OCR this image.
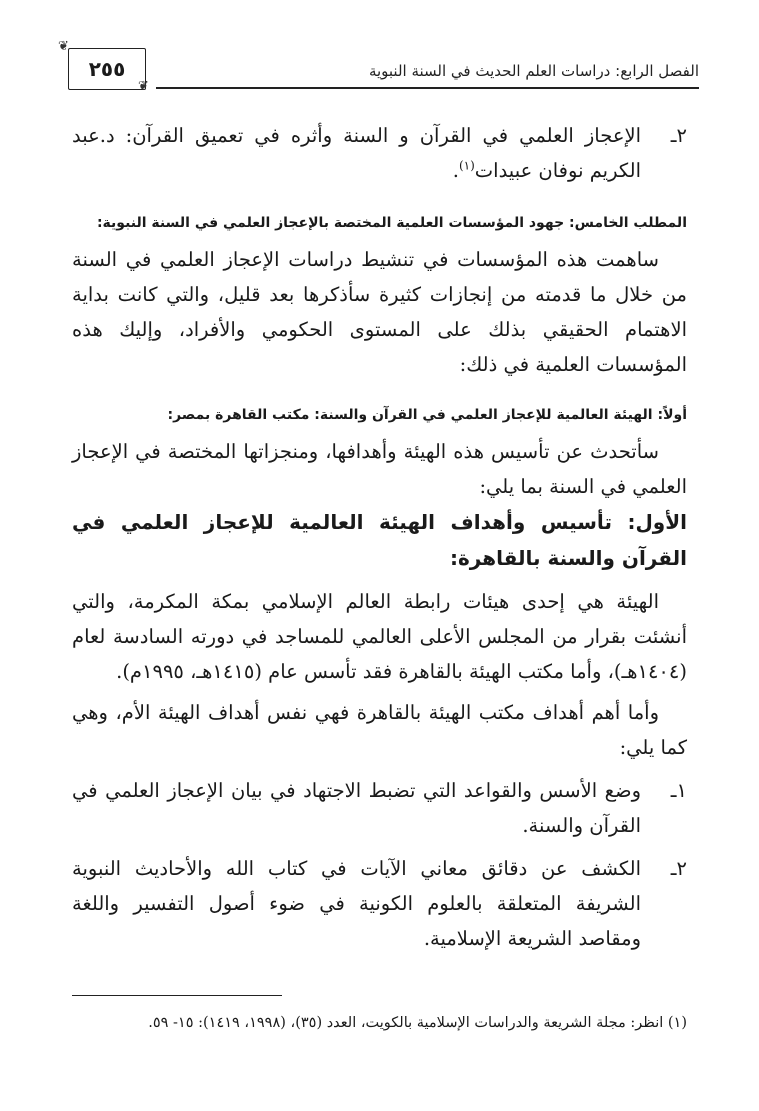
٢٥٥
❦
❦
الفصل الرابع: دراسات العلم الحديث في السنة النبوية
٢ـ
الإعجاز العلمي في القرآن و السنة وأثره في تعميق القرآن: د.عبد الكريم نوفان عبيدات$^{(١)}$.

المطلب الخامس: جهود المؤسسات العلمية المختصة بالإعجاز العلمي في السنة النبوية:

ساهمت هذه المؤسسات في تنشيط دراسات الإعجاز العلمي في السنة من خلال ما قدمته من إنجازات كثيرة سأذكرها بعد قليل، والتي كانت بداية الاهتمام الحقيقي بذلك على المستوى الحكومي والأفراد، وإليك هذه المؤسسات العلمية في ذلك:

أولاً: الهيئة العالمية للإعجاز العلمي في القرآن والسنة: مكتب القاهرة بمصر:

سأتحدث عن تأسيس هذه الهيئة وأهدافها، ومنجزاتها المختصة في الإعجاز العلمي في السنة بما يلي:

الأول: تأسيس وأهداف الهيئة العالمية للإعجاز العلمي في القرآن والسنة بالقاهرة:

الهيئة هي إحدى هيئات رابطة العالم الإسلامي بمكة المكرمة، والتي أنشئت بقرار من المجلس الأعلى العالمي للمساجد في دورته السادسة لعام (١٤٠٤هـ)، وأما مكتب الهيئة بالقاهرة فقد تأسس عام (١٤١٥هـ، ١٩٩٥م).

وأما أهم أهداف مكتب الهيئة بالقاهرة فهي نفس أهداف الهيئة الأم، وهي كما يلي:

١ـ
وضع الأسس والقواعد التي تضبط الاجتهاد في بيان الإعجاز العلمي في القرآن والسنة.
٢ـ
الكشف عن دقائق معاني الآيات في كتاب الله والأحاديث النبوية الشريفة المتعلقة بالعلوم الكونية في ضوء أصول التفسير واللغة ومقاصد الشريعة الإسلامية.
(١) انظر: مجلة الشريعة والدراسات الإسلامية بالكويت، العدد (٣٥)، (١٩٩٨، ١٤١٩): ١٥- ٥٩.
